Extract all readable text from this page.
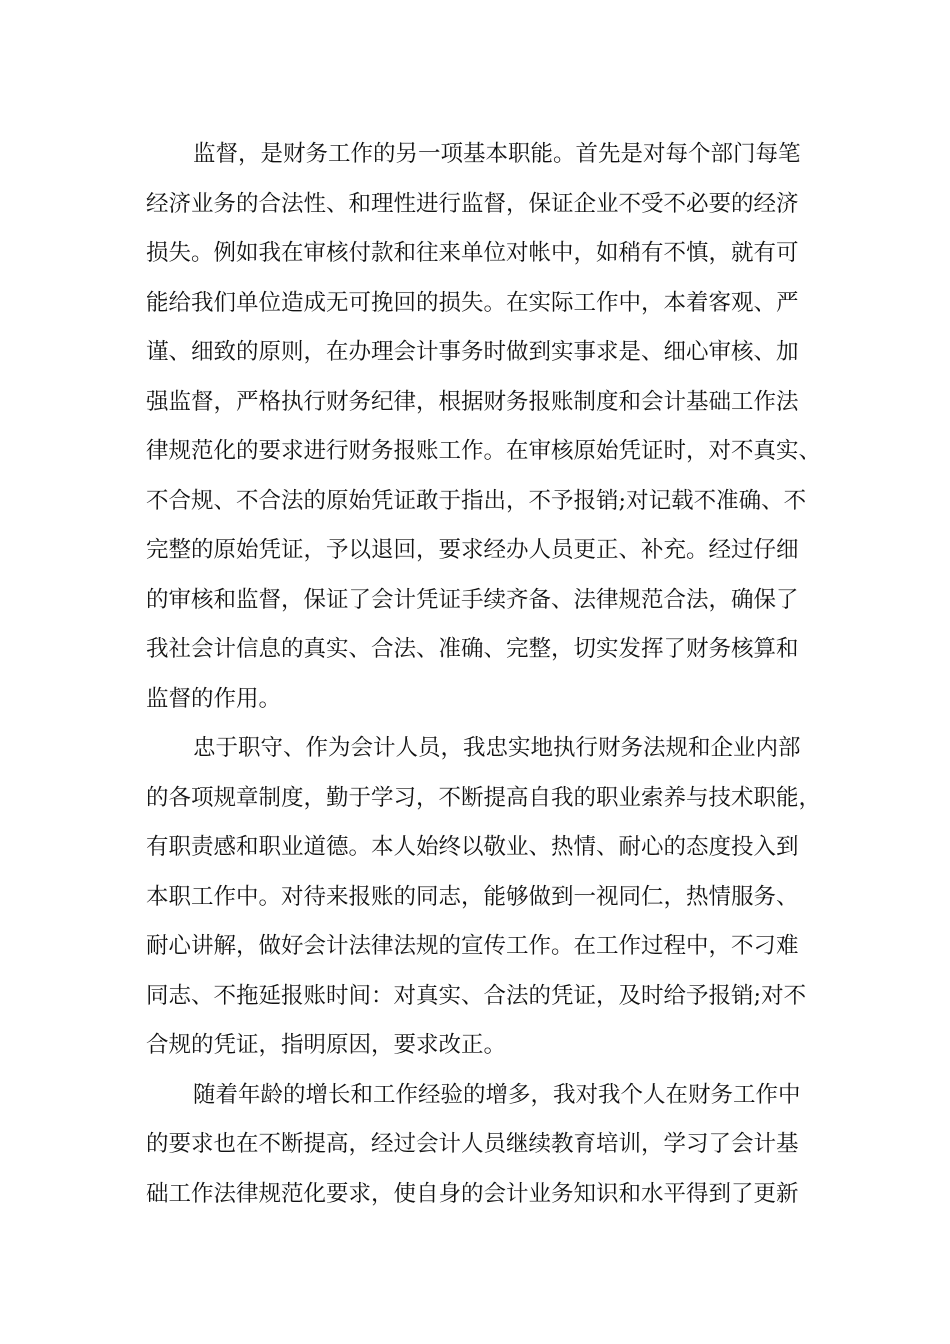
监督，是财务工作的另一项基本职能。首先是对每个部门每笔
经济业务的合法性、和理性进行监督，保证企业不受不必要的经济
损失。例如我在审核付款和往来单位对帐中，如稍有不慎，就有可
能给我们单位造成无可挽回的损失。在实际工作中，本着客观、严
谨、细致的原则，在办理会计事务时做到实事求是、细心审核、加
强监督，严格执行财务纪律，根据财务报账制度和会计基础工作法
律规范化的要求进行财务报账工作。在审核原始凭证时，对不真实、
不合规、不合法的原始凭证敢于指出，不予报销;对记载不准确、不
完整的原始凭证，予以退回，要求经办人员更正、补充。经过仔细
的审核和监督，保证了会计凭证手续齐备、法律规范合法，确保了
我社会计信息的真实、合法、准确、完整，切实发挥了财务核算和
监督的作用。
忠于职守、作为会计人员，我忠实地执行财务法规和企业内部
的各项规章制度，勤于学习，不断提高自我的职业索养与技术职能，
有职责感和职业道德。本人始终以敬业、热情、耐心的态度投入到
本职工作中。对待来报账的同志，能够做到一视同仁，热情服务、
耐心讲解，做好会计法律法规的宣传工作。在工作过程中，不刁难
同志、不拖延报账时间：对真实、合法的凭证，及时给予报销;对不
合规的凭证，指明原因，要求改正。
随着年龄的增长和工作经验的增多，我对我个人在财务工作中
的要求也在不断提高，经过会计人员继续教育培训，学习了会计基
础工作法律规范化要求，使自身的会计业务知识和水平得到了更新
